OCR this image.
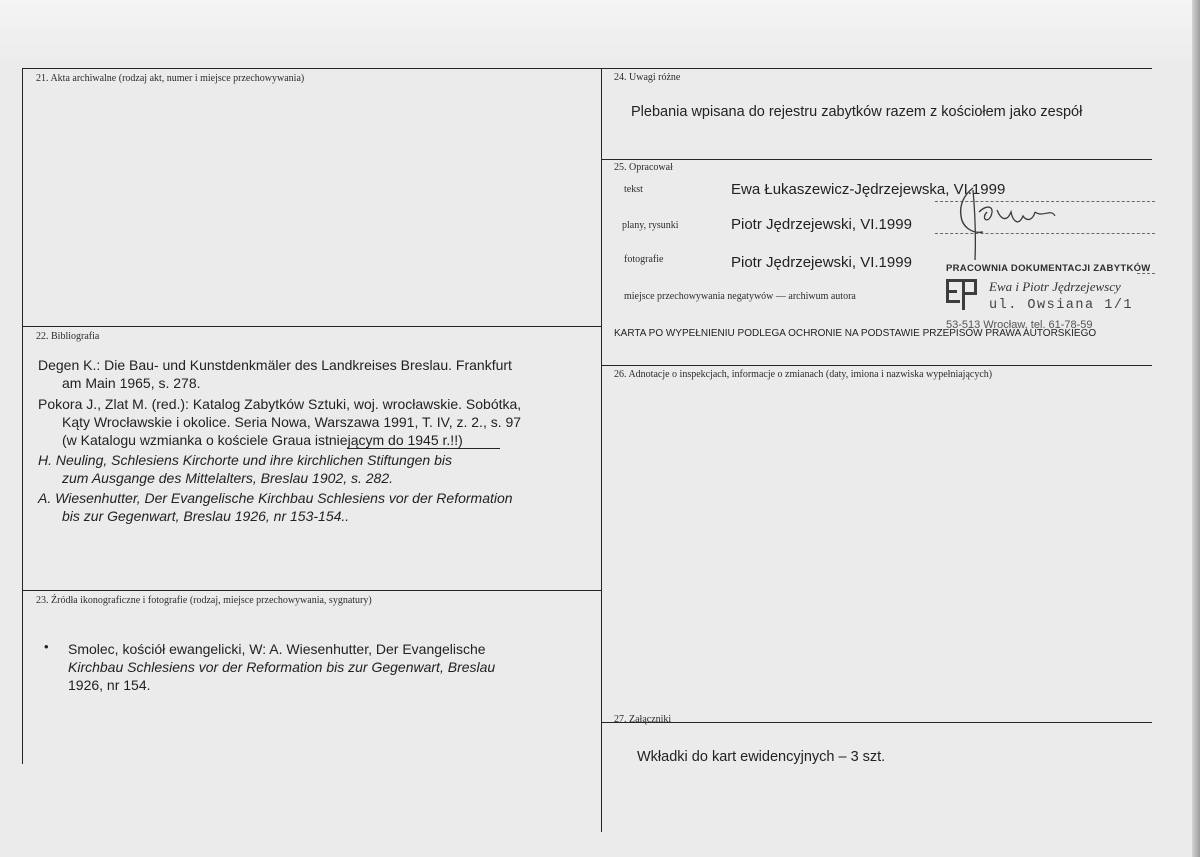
21. Akta archiwalne (rodzaj akt, numer i miejsce przechowywania)
22. Bibliografia
Degen K.: Die Bau- und Kunstdenkmäler des Landkreises Breslau. Frankfurt
am Main 1965, s. 278.
Pokora J., Zlat M. (red.): Katalog Zabytków Sztuki, woj. wrocławskie. Sobótka,
Kąty Wrocławskie i okolice. Seria Nowa, Warszawa 1991, T. IV, z. 2., s. 97
(w Katalogu wzmianka o kościele Graua istniejącym do 1945 r.!!)
H. Neuling, Schlesiens Kirchorte und ihre kirchlichen Stiftungen bis
zum Ausgange des Mittelalters, Breslau 1902, s. 282.
A. Wiesenhutter, Der Evangelische Kirchbau Schlesiens vor der Reformation
bis zur Gegenwart, Breslau 1926, nr 153-154..
23. Źródła ikonograficzne i fotografie (rodzaj, miejsce przechowywania, sygnatury)
• Smolec, kościół ewangelicki, W: A. Wiesenhutter, Der Evangelische
Kirchbau Schlesiens vor der Reformation bis zur Gegenwart, Breslau
1926, nr 154.
24. Uwagi różne
Plebania wpisana do rejestru zabytków razem z kościołem jako zespół
25. Opracował
tekst	Ewa Łukaszewicz-Jędrzejewska, VI.1999
plany, rysunki	Piotr Jędrzejewski, VI.1999
fotografie	Piotr Jędrzejewski, VI.1999
miejsce przechowywania negatywów — archiwum autora
KARTA PO WYPEŁNIENIU PODLEGA OCHRONIE NA PODSTAWIE PRZEPISÓW PRAWA AUTORSKIEGO
PRACOWNIA DOKUMENTACJI ZABYTKÓW
Ewa i Piotr Jędrzejewscy
ul. Owsiana 1/1
53-513 Wrocław, tel. 61-78-59
26. Adnotacje o inspekcjach, informacje o zmianach (daty, imiona i nazwiska wypełniających)
27. Załączniki
Wkładki do kart ewidencyjnych – 3 szt.
